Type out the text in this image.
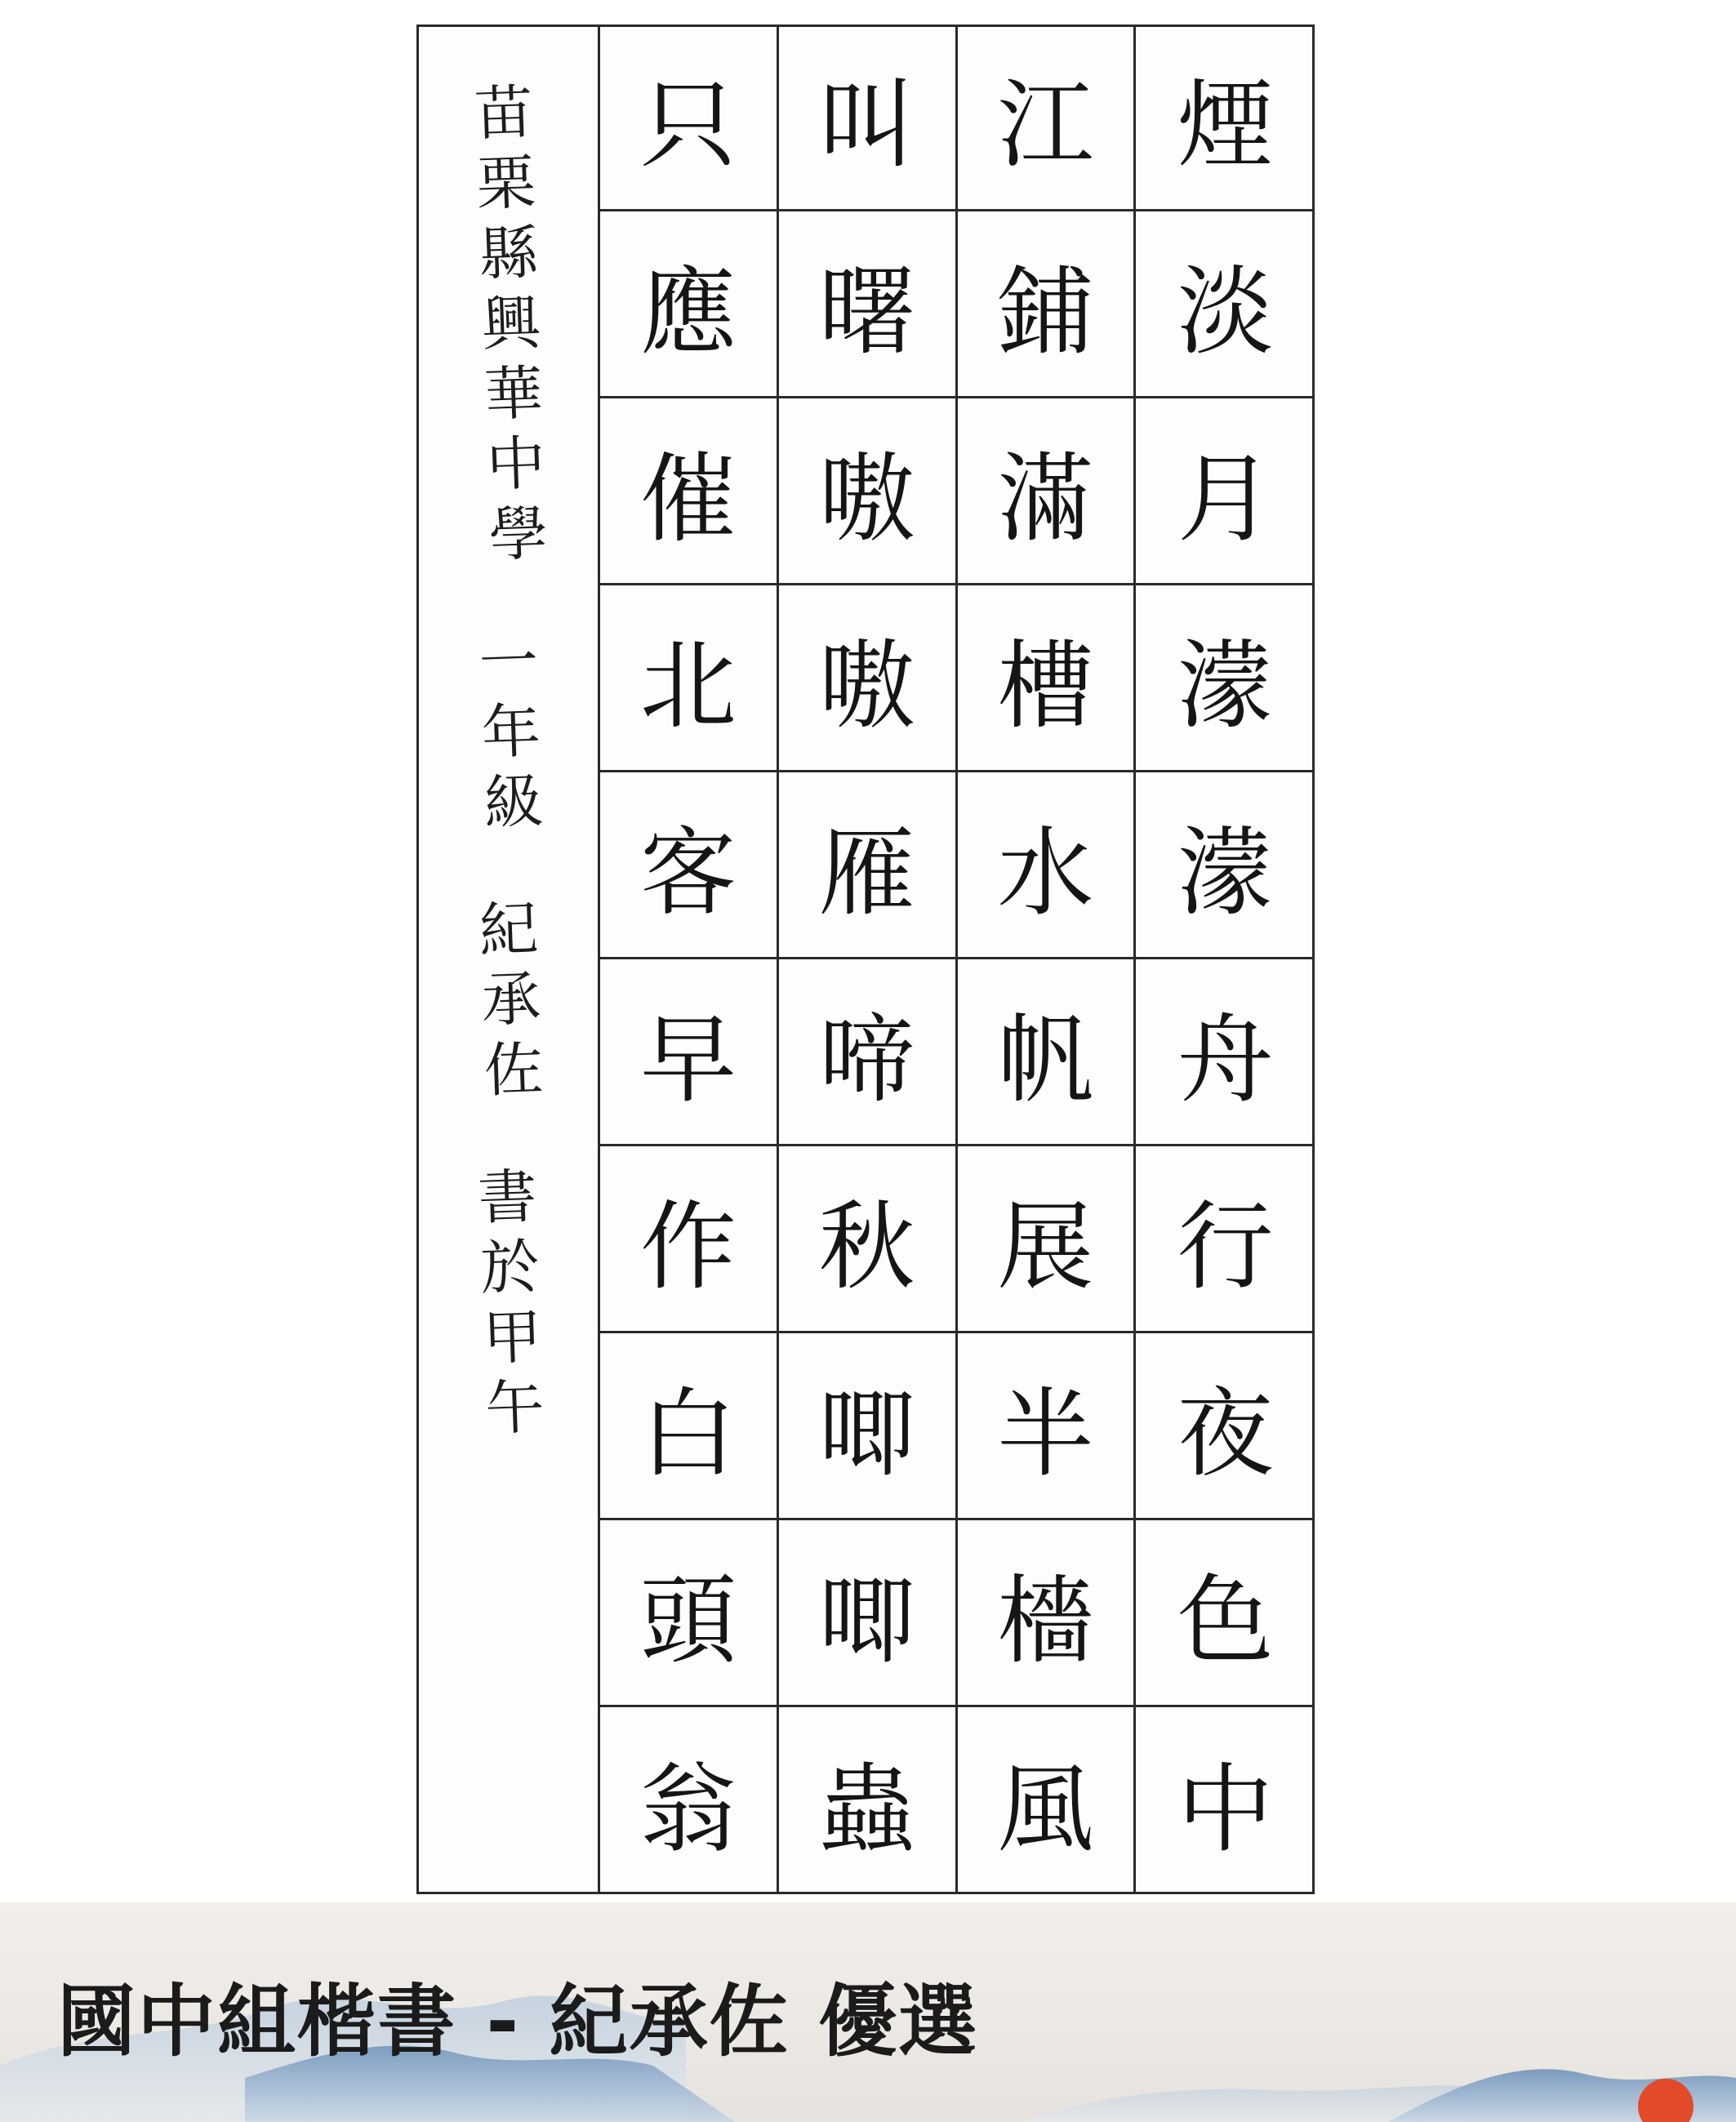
苗栗縣興華中學
一年級
紀承佐
書於甲午
只 叫 江 煙
應 曙 鋪 淡
催 嗷 滿 月
北 嗷 槽 濛
客 雁 水 濛
早 啼 帆 舟
作 秋 展 行
白 唧 半 夜
頭 唧 檣 色
翁 蟲 風 中
國中組楷書 - 紀承佐 優選
